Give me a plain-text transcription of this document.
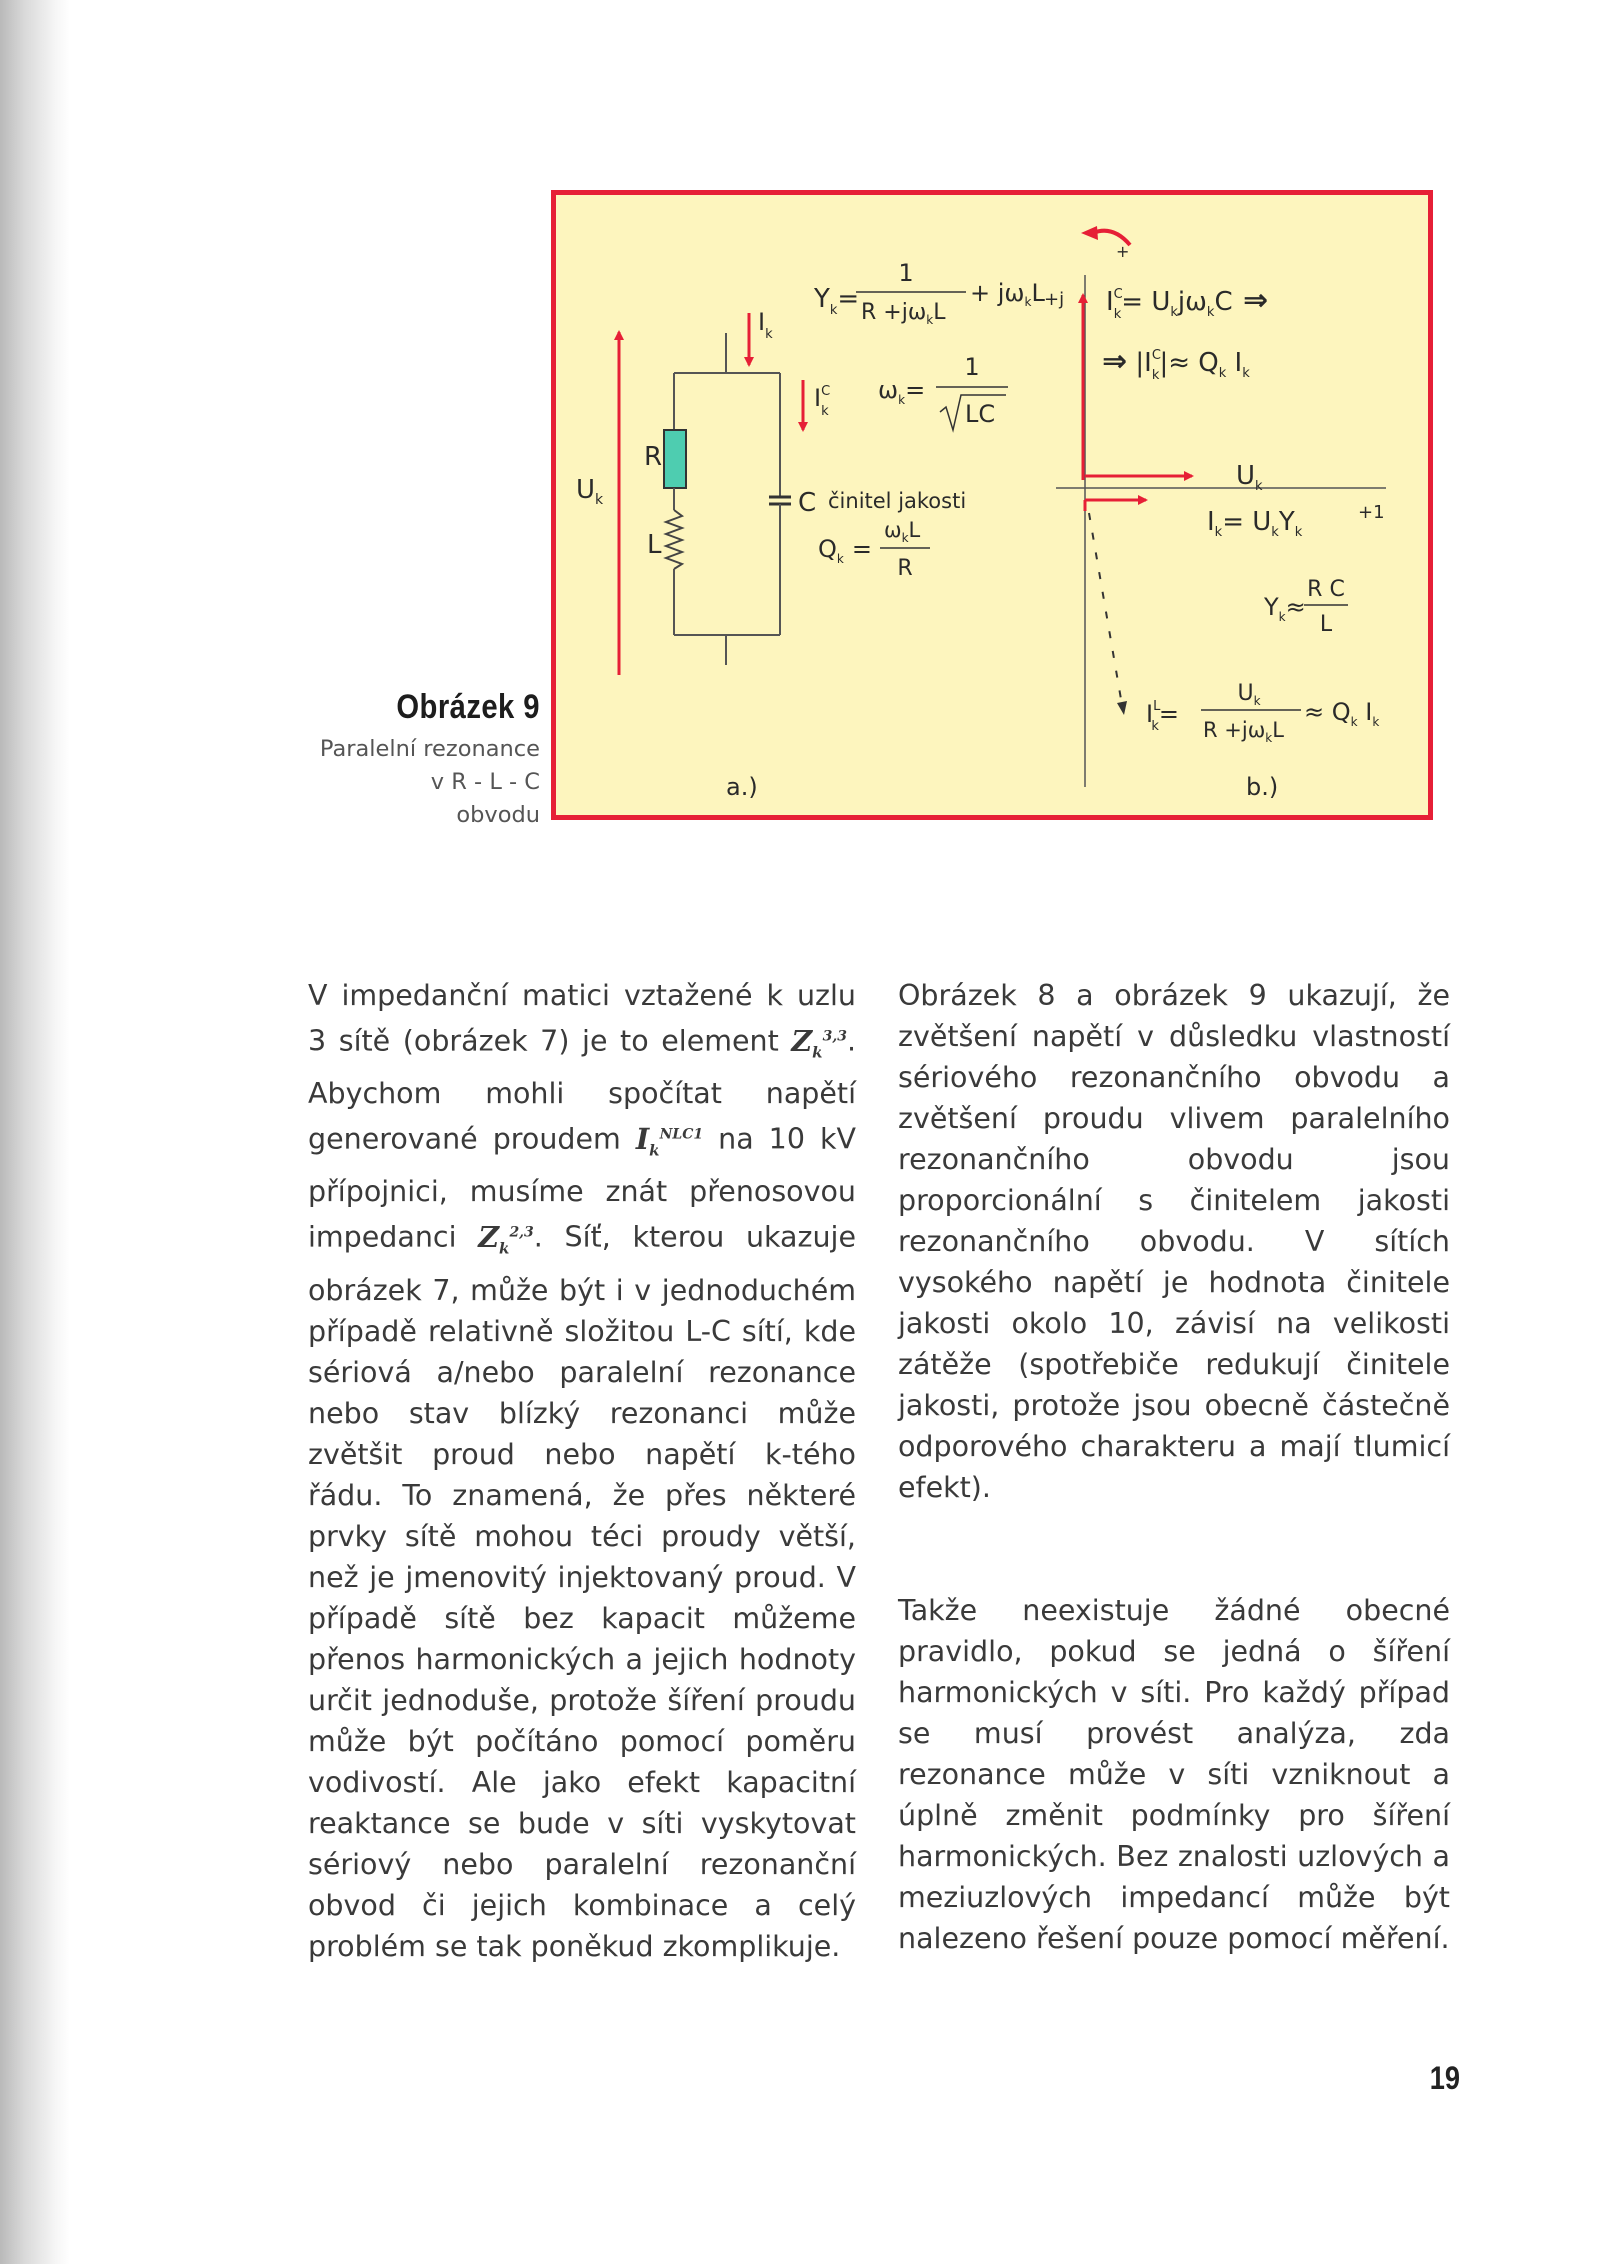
Obrázek 9
Paralelní rezonance
v R - L - C
obvodu
$U_k$
R
L
C
$I_k$
$I^C$ k
a.)
$Y_k=$
1
$R +j\omega_kL$
+ $j\omega_kL$
$\omega_k=$
1
LC
činitel jakosti
$Q_k$ =
$\omega_kL$
R
+
+j
+1
$I^C$ $k= U_kj\omega_kC$ ⇒
⇒ $|I^C$ $k|\approx Q_k$ $I_k$
$U_k$
$I_k= U_kY_k$
$Y_k\approx$
R C
L
$I^L$ k=
$U_k$
$R +j\omega_kL$
≈ $Q_k$ $I_k$
b.)

V impedanční matici vztažené k uzlu 3 sítě (obrázek 7) je to element $Z_k^{3,3}$. Abychom mohli spočítat napětí generované proudem $I_k^{NLC1}$ na 10 kV přípojnici, musíme znát přenosovou impedanci $Z_k^{2,3}$. Síť, kterou ukazuje obrázek 7, může být i v jednoduchém případě relativně složitou L-C sítí, kde sériová a/nebo paralelní rezonance nebo stav blízký rezonanci může zvětšit proud nebo napětí k-tého řádu. To znamená, že přes některé prvky sítě mohou téci proudy větší, než je jmenovitý injektovaný proud. V případě sítě bez kapacit můžeme přenos harmonických a jejich hodnoty určit jednoduše, protože šíření proudu může být počítáno pomocí poměru vodivostí. Ale jako efekt kapacitní reaktance se bude v síti vyskytovat sériový nebo paralelní rezonanční obvod či jejich kombinace a celý problém se tak poněkud zkomplikuje.

Obrázek 8 a obrázek 9 ukazují, že zvětšení napětí v důsledku vlastností sériového rezonančního obvodu a zvětšení proudu vlivem paralelního rezonančního obvodu jsou proporcionální s činitelem jakosti rezonančního obvodu. V sítích vysokého napětí je hodnota činitele jakosti okolo 10, závisí na velikosti zátěže (spotřebiče redukují činitele jakosti, protože jsou obecně částečně odporového charakteru a mají tlumicí efekt).

Takže neexistuje žádné obecné pravidlo, pokud se jedná o šíření harmonických v síti. Pro každý případ se musí provést analýza, zda rezonance může v síti vzniknout a úplně změnit podmínky pro šíření harmonických. Bez znalosti uzlových a meziuzlových impedancí může být nalezeno řešení pouze pomocí měření.

19
